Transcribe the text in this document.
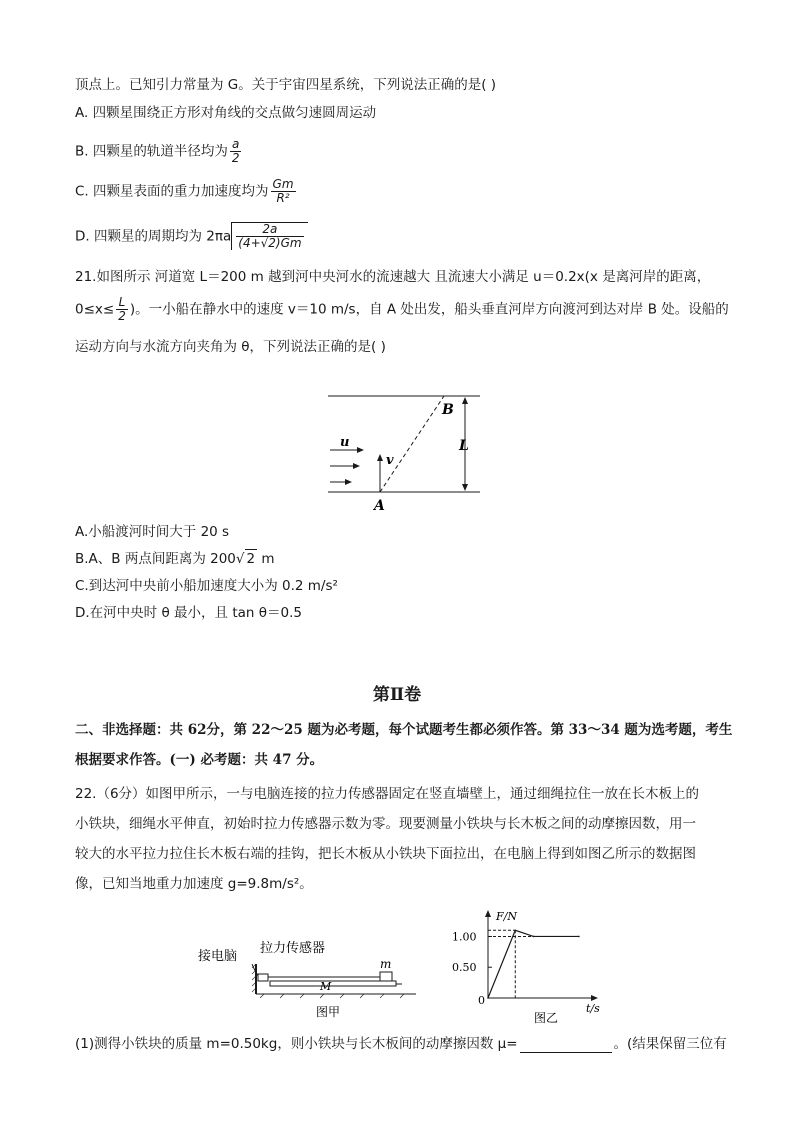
顶点上。已知引力常量为 G。关于宇宙四星系统，下列说法正确的是( )
A. 四颗星围绕正方形对角线的交点做匀速圆周运动
B. 四颗星的轨道半径均为 $\frac{a}{2}$
C. 四颗星表面的重力加速度均为 $\frac{Gm}{\text{R²}}$
D. 四颗星的周期均为 $2\pi a \frac{2a}{(4+√2)Gm}$
21.如图所示 河道宽 L＝200 m 越到河中央河水的流速越大 且流速大小满足 u＝0.2x(x 是离河岸的距离，
$0\le x\le \frac{L}{2}$ )。一小船在静水中的速度 v＝10 m/s，自 A 处出发，船头垂直河岸方向渡河到达对岸 B 处。设船的
运动方向与水流方向夹角为 θ，下列说法正确的是( )
B
A
L
u
v
A.小船渡河时间大于 20 s
B.A、B 两点间距离为 200√ 2 m
C.到达河中央前小船加速度大小为 0.2 m/s²
D.在河中央时 θ 最小，且 tan θ＝0.5
第Ⅱ卷
二、非选择题：共 62分，第 22～25 题为必考题，每个试题考生都必须作答。第 33～34 题为选考题，考生
根据要求作答。(一) 必考题：共 47 分。
22.（6分）如图甲所示，一与电脑连接的拉力传感器固定在竖直墙壁上，通过细绳拉住一放在长木板上的
小铁块，细绳水平伸直，初始时拉力传感器示数为零。现要测量小铁块与长木板之间的动摩擦因数，用一
较大的水平拉力拉住长木板右端的挂钩，把长木板从小铁块下面拉出，在电脑上得到如图乙所示的数据图
像，已知当地重力加速度 g=9.8m/s²。
接电脑
拉力传感器
m
M
图甲
F/N
t/s
0
0.50
1.00
图乙
(1)测得小铁块的质量 m=0.50kg，则小铁块与长木板间的动摩擦因数 μ=	。(结果保留三位有
